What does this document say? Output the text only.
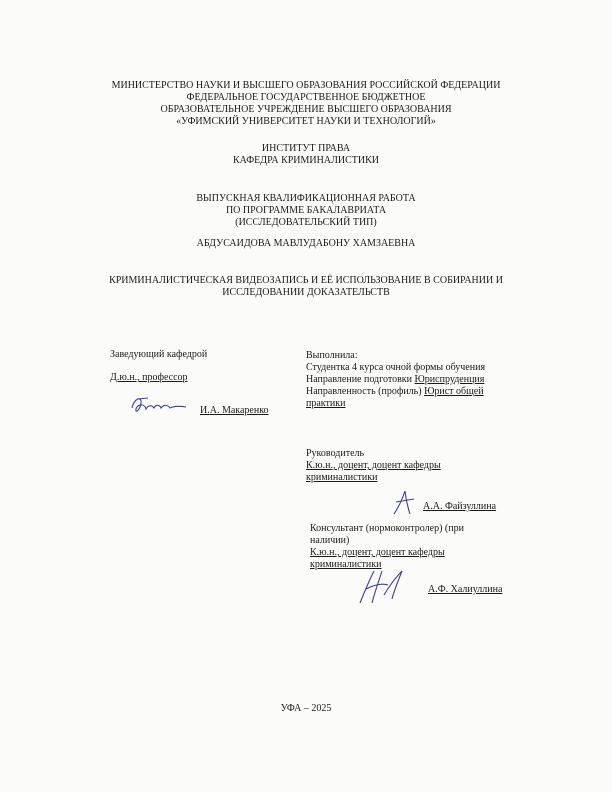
МИНИСТЕРСТВО НАУКИ И ВЫСШЕГО ОБРАЗОВАНИЯ РОССИЙСКОЙ ФЕДЕРАЦИИ
ФЕДЕРАЛЬНОЕ ГОСУДАРСТВЕННОЕ БЮДЖЕТНОЕ
ОБРАЗОВАТЕЛЬНОЕ УЧРЕЖДЕНИЕ ВЫСШЕГО ОБРАЗОВАНИЯ
«УФИМСКИЙ УНИВЕРСИТЕТ НАУКИ И ТЕХНОЛОГИЙ»
ИНСТИТУТ ПРАВА
КАФЕДРА КРИМИНАЛИСТИКИ
ВЫПУСКНАЯ КВАЛИФИКАЦИОННАЯ РАБОТА
ПО ПРОГРАММЕ БАКАЛАВРИАТА
(ИССЛЕДОВАТЕЛЬСКИЙ ТИП)
АБДУСАИДОВА МАВЛУДАБОНУ ХАМЗАЕВНА
КРИМИНАЛИСТИЧЕСКАЯ ВИДЕОЗАПИСЬ И ЕЁ ИСПОЛЬЗОВАНИЕ В СОБИРАНИИ И
ИССЛЕДОВАНИИ ДОКАЗАТЕЛЬСТВ
Заведующий кафедрой
Д.ю.н., профессор
И.А. Макаренко
Выполнила:
Студентка 4 курса очной формы обучения
Направление подготовки Юриспруденция
Направленность (профиль) Юрист общей
практики
Руководитель
К.ю.н., доцент, доцент кафедры
криминалистики
А.А. Файзуллина
Консультант (нормоконтролер) (при
наличии)
К.ю.н., доцент, доцент кафедры
криминалистики
А.Ф. Халиуллина
УФА – 2025
